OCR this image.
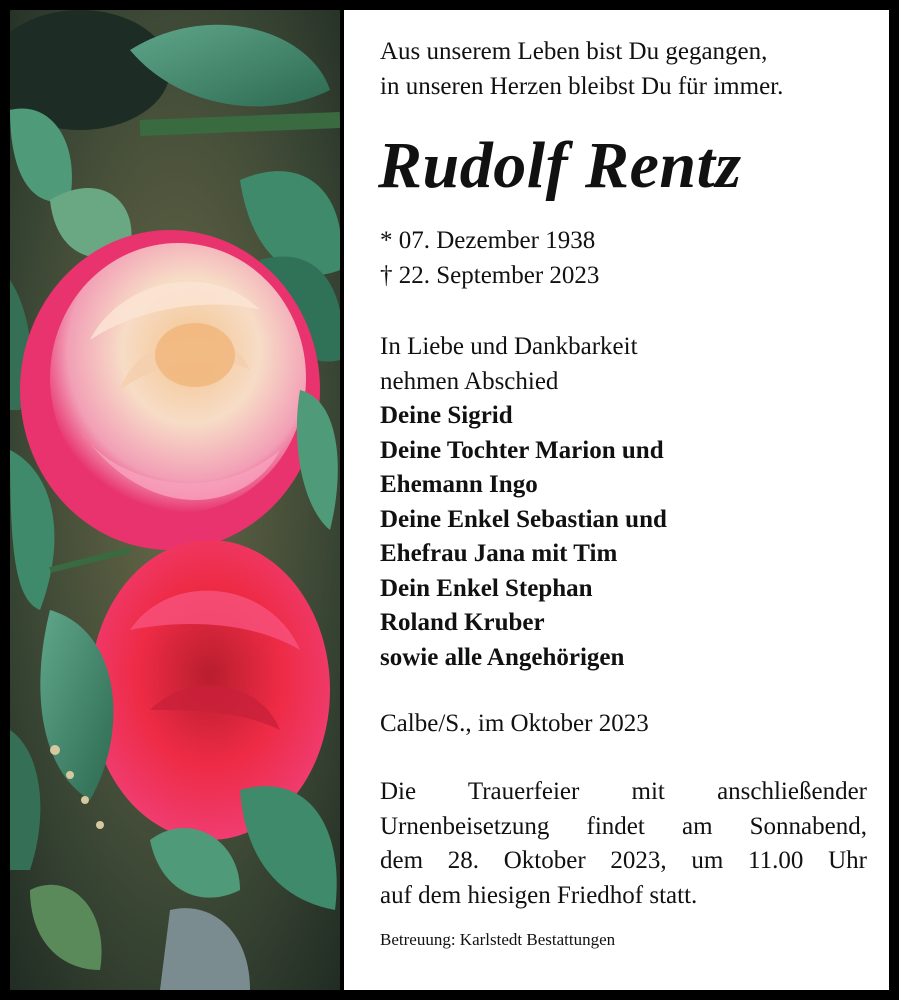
Aus unserem Leben bist Du gegangen,
in unseren Herzen bleibst Du für immer.
Rudolf Rentz
* 07. Dezember 1938
† 22. September 2023
In Liebe und Dankbarkeit
nehmen Abschied
Deine Sigrid
Deine Tochter Marion und
Ehemann Ingo
Deine Enkel Sebastian und
Ehefrau Jana mit Tim
Dein Enkel Stephan
Roland Kruber
sowie alle Angehörigen
Calbe/S., im Oktober 2023
Die Trauerfeier mit anschließender
Urnenbeisetzung findet am Sonnabend,
dem 28. Oktober 2023, um 11.00 Uhr
auf dem hiesigen Friedhof statt.
Betreuung: Karlstedt Bestattungen
